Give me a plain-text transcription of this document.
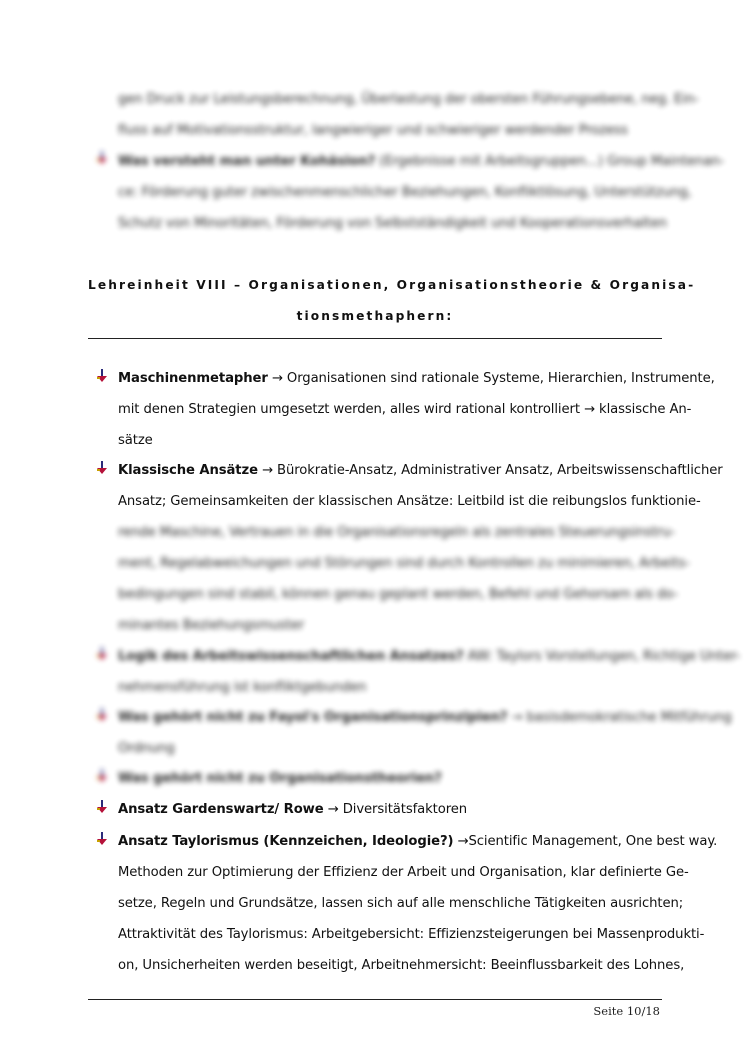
gen Druck zur Leistungsberechnung, Überlastung der obersten Führungsebene, neg. Ein-
fluss auf Motivationsstruktur, langwieriger und schwieriger werdender Prozess
Was versteht man unter Kohäsion? (Ergebnisse mit Arbeitsgruppen...) Group Maintenan-
ce: Förderung guter zwischenmenschlicher Beziehungen, Konfliktlösung, Unterstützung,
Schutz von Minoritäten, Förderung von Selbstständigkeit und Kooperationsverhalten
Lehreinheit VIII – Organisationen, Organisationstheorie & Organisa-
tionsmethaphern:
Maschinenmetapher → Organisationen sind rationale Systeme, Hierarchien, Instrumente,
mit denen Strategien umgesetzt werden, alles wird rational kontrolliert → klassische An-
sätze
Klassische Ansätze → Bürokratie-Ansatz, Administrativer Ansatz, Arbeitswissenschaftlicher
Ansatz; Gemeinsamkeiten der klassischen Ansätze: Leitbild ist die reibungslos funktionie-
rende Maschine, Vertrauen in die Organisationsregeln als zentrales Steuerungsinstru-
ment, Regelabweichungen und Störungen sind durch Kontrollen zu minimieren, Arbeits-
bedingungen sind stabil, können genau geplant werden, Befehl und Gehorsam als do-
minantes Beziehungsmuster
Logik des Arbeitswissenschaftlichen Ansatzes? AW: Taylors Vorstellungen, Richtige Unter-
nehmensführung ist konfliktgebunden
Was gehört nicht zu Fayol's Organisationsprinzipien? → basisdemokratische Mitführung
Ordnung
Was gehört nicht zu Organisationstheorien?
Ansatz Gardenswartz/ Rowe → Diversitätsfaktoren
Ansatz Taylorismus (Kennzeichen, Ideologie?) →Scientific Management, One best way.
Methoden zur Optimierung der Effizienz der Arbeit und Organisation, klar definierte Ge-
setze, Regeln und Grundsätze, lassen sich auf alle menschliche Tätigkeiten ausrichten;
Attraktivität des Taylorismus: Arbeitgebersicht: Effizienzsteigerungen bei Massenprodukti-
on, Unsicherheiten werden beseitigt, Arbeitnehmersicht: Beeinflussbarkeit des Lohnes,
Seite 10/18
